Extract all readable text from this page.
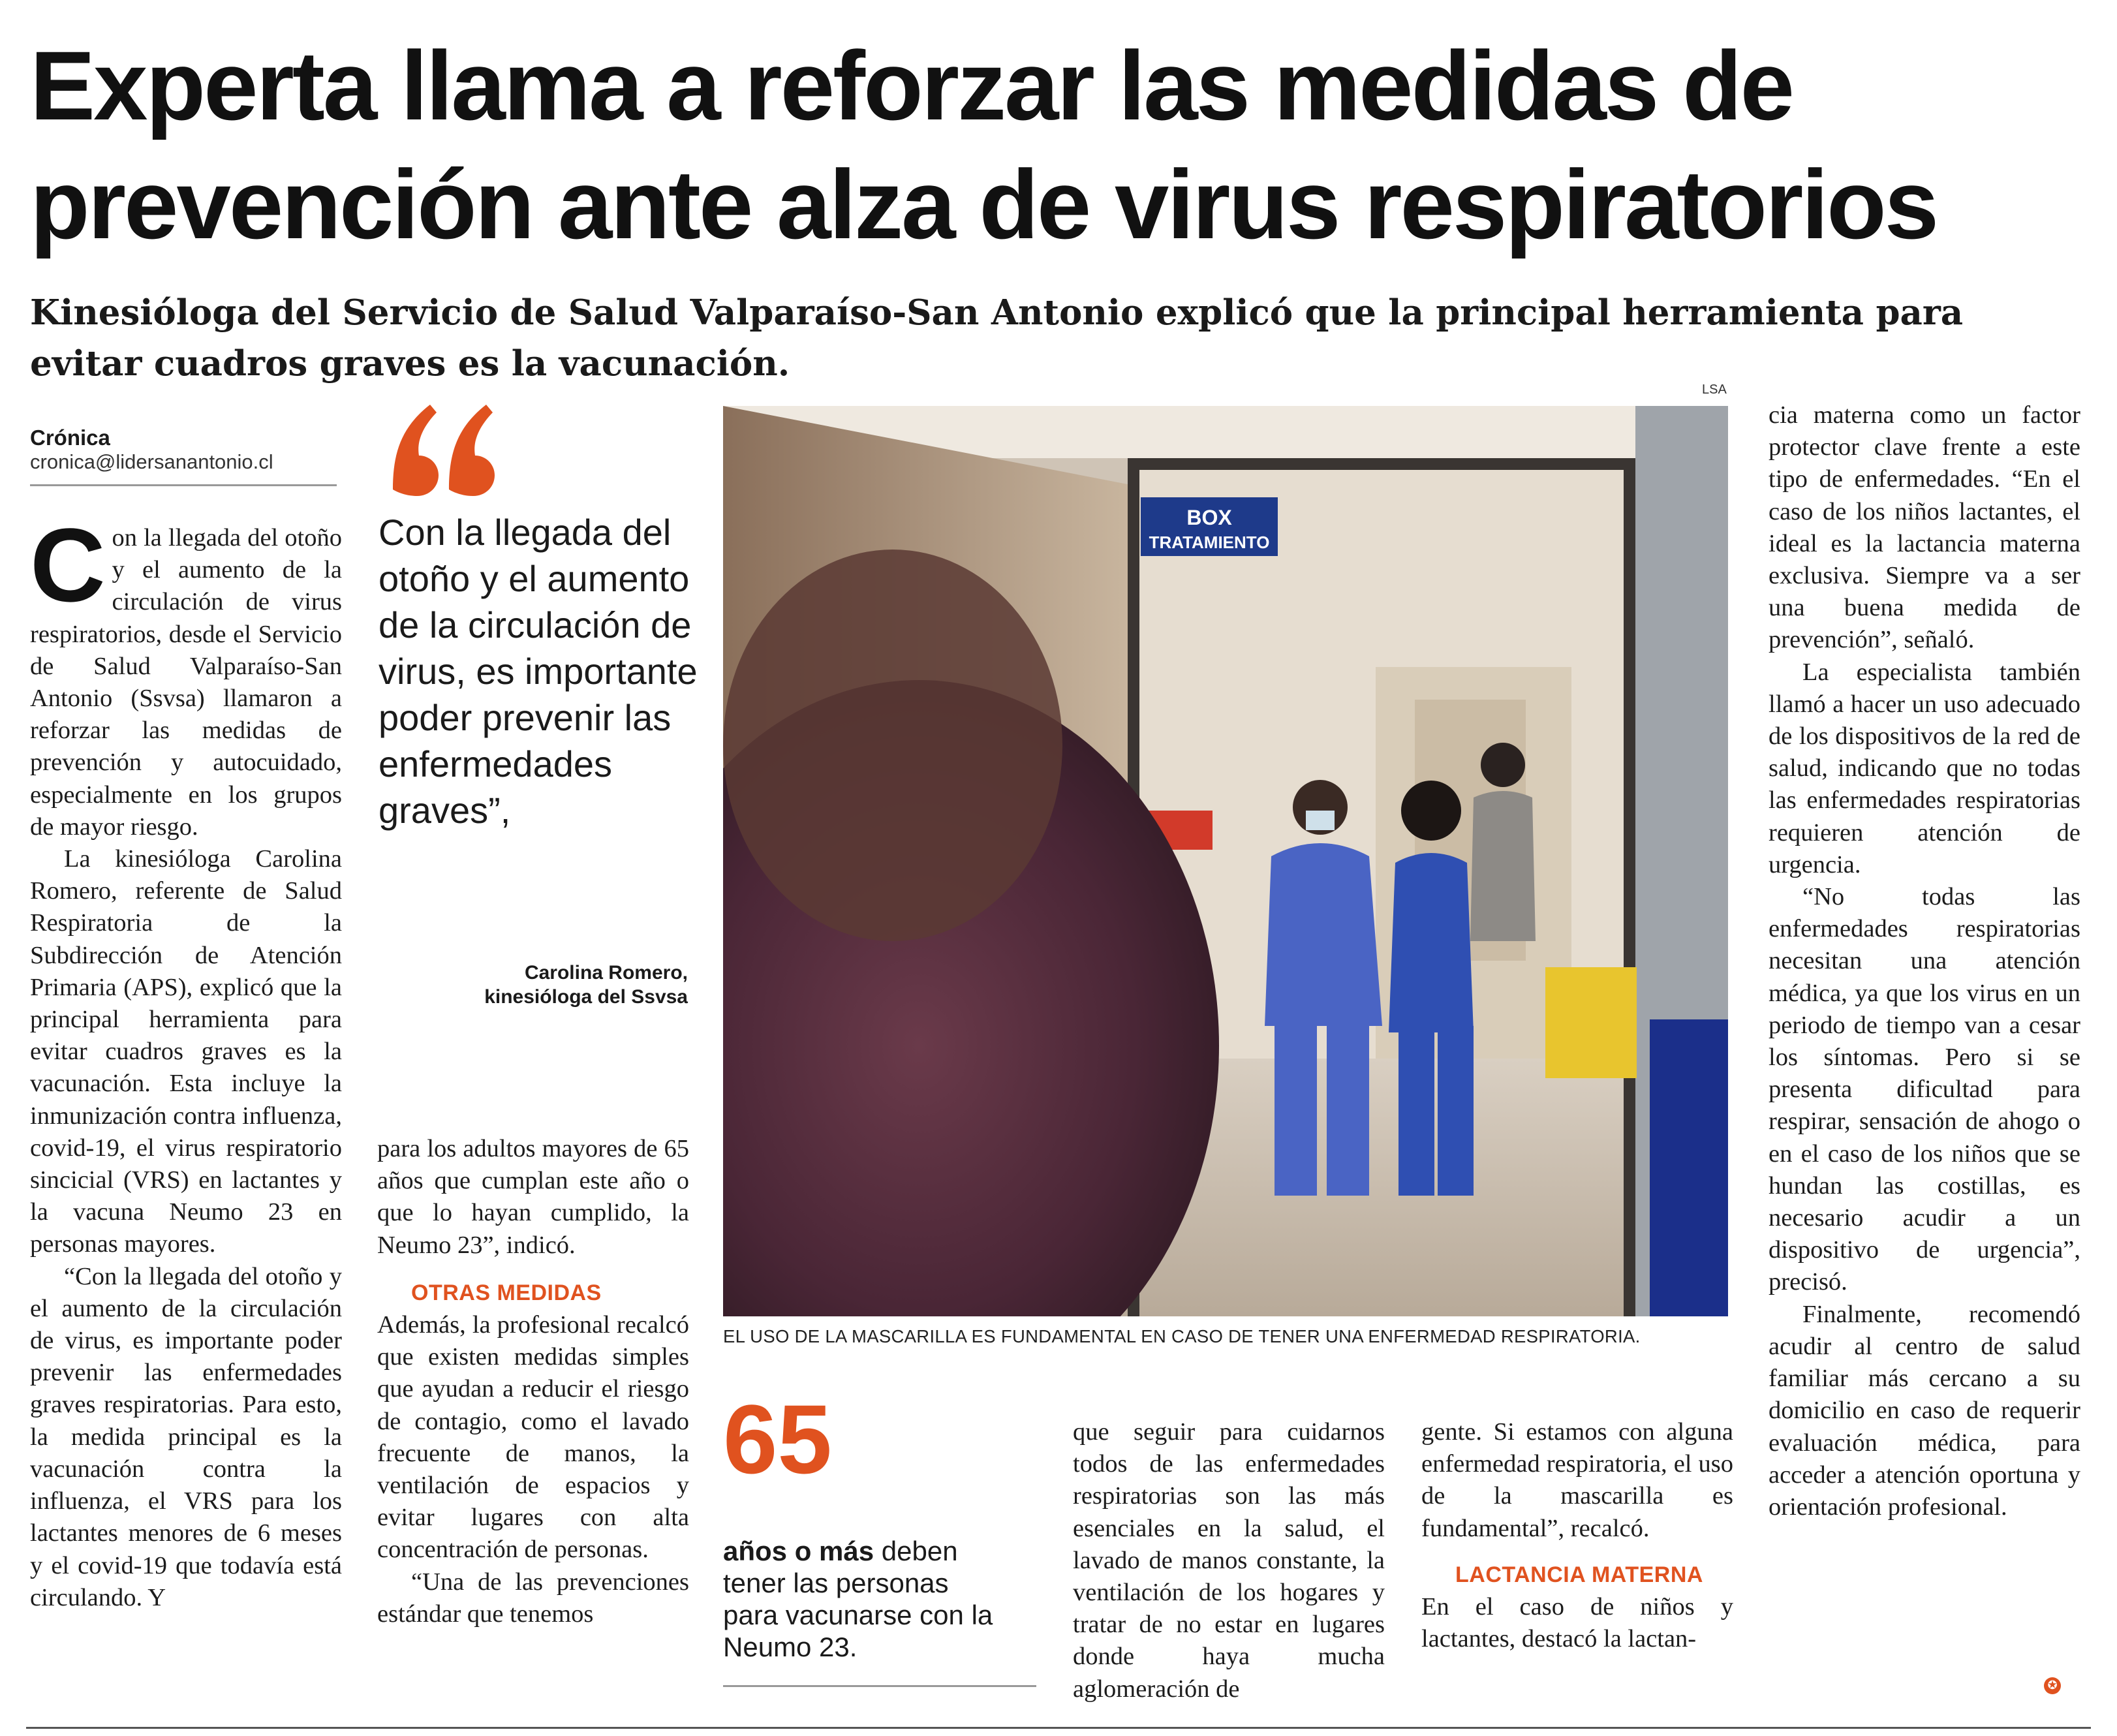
Experta llama a reforzar las medidas de prevención ante alza de virus respiratorios

Kinesióloga del Servicio de Salud Valparaíso-San Antonio explicó que la principal herramienta para evitar cuadros graves es la vacunación.

Crónica
cronica@lidersanantonio.cl

Con la llegada del otoño y el aumento de la circulación de virus respiratorios, desde el Servicio de Salud Valparaíso-San Antonio (Ssvsa) llamaron a reforzar las medidas de prevención y autocuidado, especialmente en los grupos de mayor riesgo.

La kinesióloga Carolina Romero, referente de Salud Respiratoria de la Subdirección de Atención Primaria (APS), explicó que la principal herramienta para evitar cuadros graves es la vacunación. Esta incluye la inmunización contra influenza, covid-19, el virus respiratorio sincicial (VRS) en lactantes y la vacuna Neumo 23 en personas mayores.

“Con la llegada del otoño y el aumento de la circulación de virus, es importante poder prevenir las enfermedades graves respiratorias. Para esto, la medida principal es la vacunación contra la influenza, el VRS para los lactantes menores de 6 meses y el covid-19 que todavía está circulando. Y

Con la llegada del otoño y el aumento de la circulación de virus, es importante poder prevenir las enfermedades graves”,

Carolina Romero,
kinesióloga del Ssvsa

para los adultos mayores de 65 años que cumplan este año o que lo hayan cumplido, la Neumo 23”, indicó.

OTRAS MEDIDAS

Además, la profesional recalcó que existen medidas simples que ayudan a reducir el riesgo de contagio, como el lavado frecuente de manos, la ventilación de espacios y evitar lugares con alta concentración de personas.

“Una de las prevenciones estándar que tenemos

LSA
BOX
TRATAMIENTO
EL USO DE LA MASCARILLA ES FUNDAMENTAL EN CASO DE TENER UNA ENFERMEDAD RESPIRATORIA.
65
años o más deben tener las personas para vacunarse con la Neumo 23.

que seguir para cuidarnos todos de las enfermedades respiratorias son las más esenciales en la salud, el lavado de manos constante, la ventilación de los hogares y tratar de no estar en lugares donde haya mucha aglomeración de

gente. Si estamos con alguna enfermedad respiratoria, el uso de la mascarilla es fundamental”, recalcó.

LACTANCIA MATERNA

En el caso de niños y lactantes, destacó la lactan-

cia materna como un factor protector clave frente a este tipo de enfermedades. “En el caso de los niños lactantes, el ideal es la lactancia materna exclusiva. Siempre va a ser una buena medida de prevención”, señaló.

La especialista también llamó a hacer un uso adecuado de los dispositivos de la red de salud, indicando que no todas las enfermedades respiratorias requieren atención de urgencia.

“No todas las enfermedades respiratorias necesitan una atención médica, ya que los virus en un periodo de tiempo van a cesar los síntomas. Pero si se presenta dificultad para respirar, sensación de ahogo o en el caso de los niños que se hundan las costillas, es necesario acudir a un dispositivo de urgencia”, precisó.

Finalmente, recomendó acudir al centro de salud familiar más cercano a su domicilio en caso de requerir evaluación médica, para acceder a atención oportuna y orientación profesional.

✪
